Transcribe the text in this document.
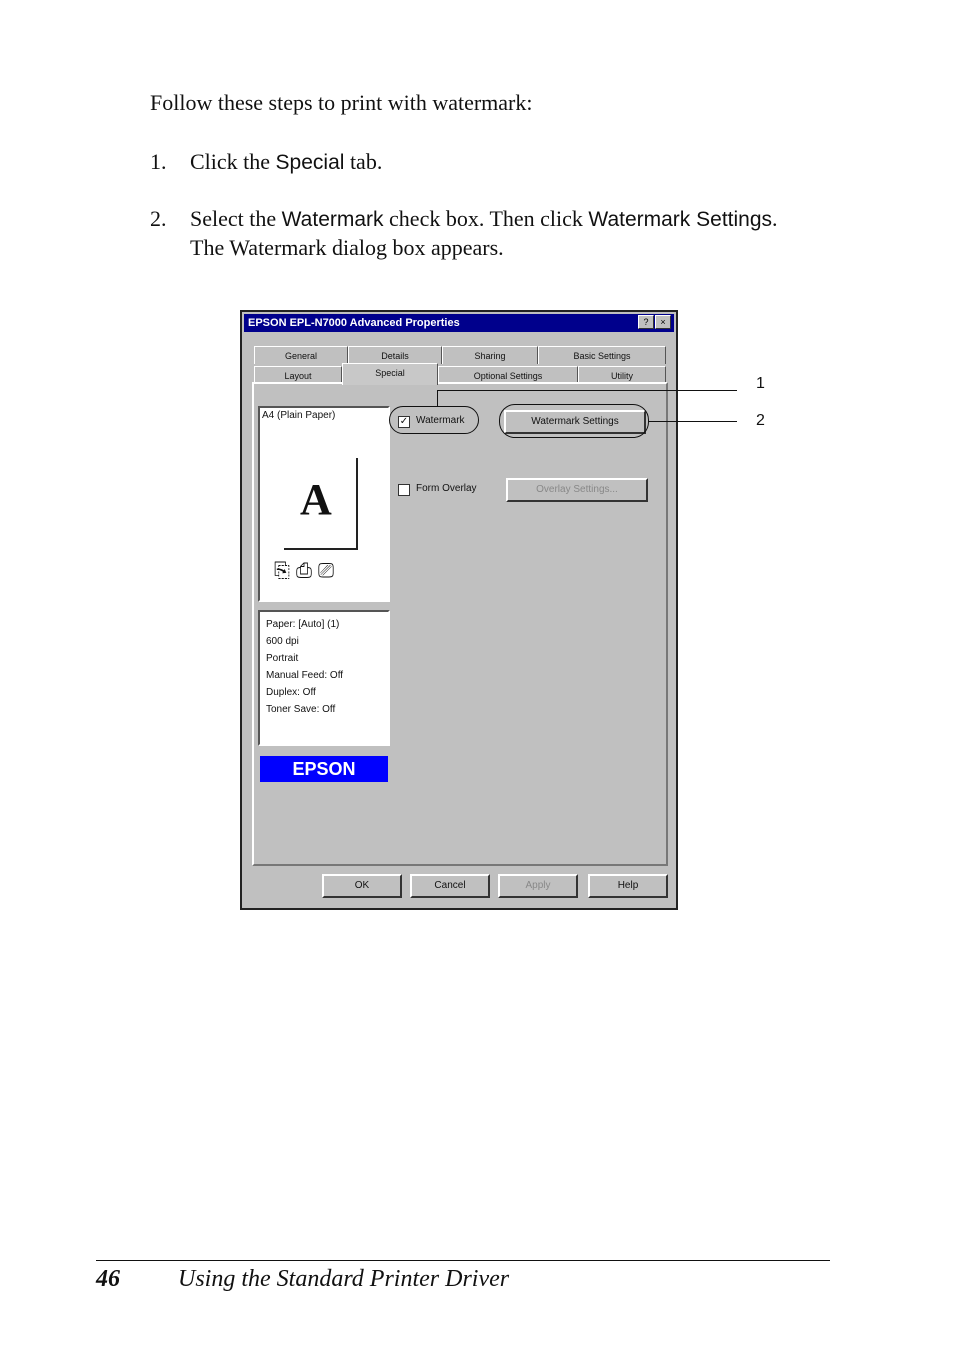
Follow these steps to print with watermark:
1. Click the Special tab.
2. Select the Watermark check box. Then click Watermark Settings. The Watermark dialog box appears.
EPSON EPL-N7000 Advanced Properties	?	×
General	Details	Sharing	Basic Settings
Layout	Special	Optional Settings	Utility
A4 (Plain Paper)
A
⎘⎙⎚
Paper: [Auto] (1)
600 dpi
Portrait
Manual Feed: Off
Duplex: Off
Toner Save: Off
EPSON
✓ Watermark	Watermark Settings
Form Overlay	Overlay Settings...
OK	Cancel	Apply	Help
1
2
46 Using the Standard Printer Driver
